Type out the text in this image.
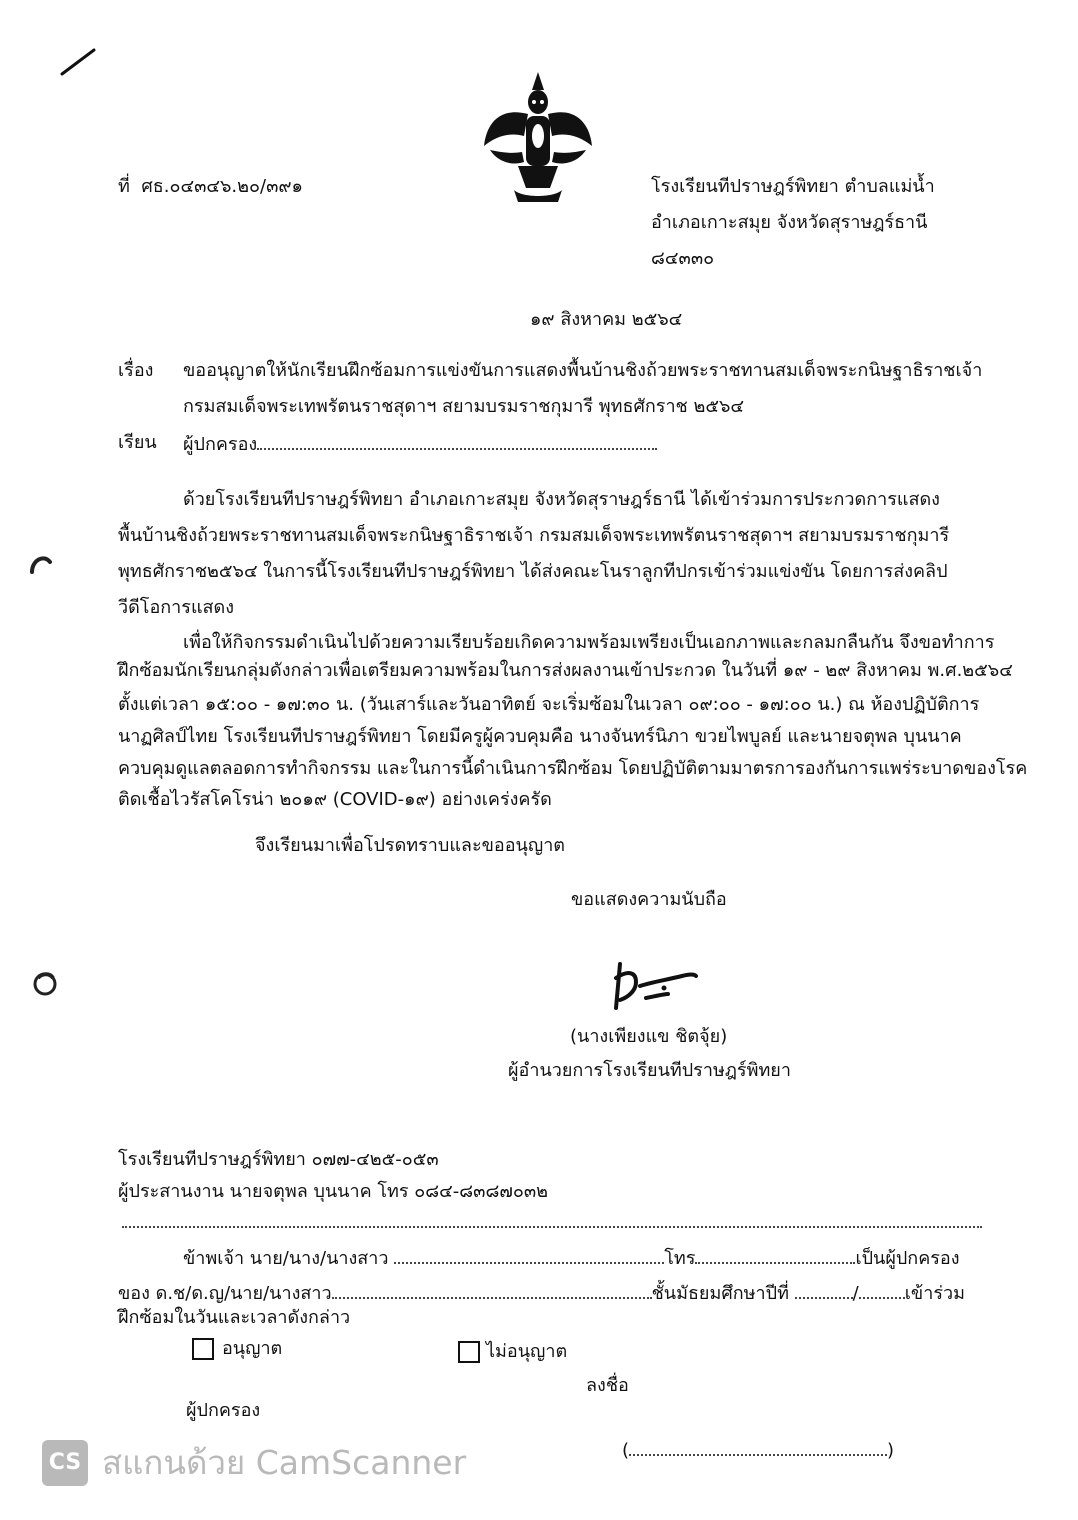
ที่ ศธ.๐๔๓๔๖.๒๐/๓๙๑	โรงเรียนทีปราษฎร์พิทยา ตำบลแม่น้ำ
อำเภอเกาะสมุย จังหวัดสุราษฎร์ธานี
๘๔๓๓๐
๑๙ สิงหาคม ๒๕๖๔
เรื่อง ขออนุญาตให้นักเรียนฝึกซ้อมการแข่งขันการแสดงพื้นบ้านชิงถ้วยพระราชทานสมเด็จพระกนิษฐาธิราชเจ้า
กรมสมเด็จพระเทพรัตนราชสุดาฯ สยามบรมราชกุมารี พุทธศักราช ๒๕๖๔
เรียน ผู้ปกครอง
ด้วยโรงเรียนทีปราษฎร์พิทยา อำเภอเกาะสมุย จังหวัดสุราษฎร์ธานี ได้เข้าร่วมการประกวดการแสดง
พื้นบ้านชิงถ้วยพระราชทานสมเด็จพระกนิษฐาธิราชเจ้า กรมสมเด็จพระเทพรัตนราชสุดาฯ สยามบรมราชกุมารี
พุทธศักราช๒๕๖๔ ในการนี้โรงเรียนทีปราษฎร์พิทยา ได้ส่งคณะโนราลูกทีปกรเข้าร่วมแข่งขัน โดยการส่งคลิป
วีดีโอการแสดง
เพื่อให้กิจกรรมดำเนินไปด้วยความเรียบร้อยเกิดความพร้อมเพรียงเป็นเอกภาพและกลมกลืนกัน จึงขอทำการ
ฝึกซ้อมนักเรียนกลุ่มดังกล่าวเพื่อเตรียมความพร้อมในการส่งผลงานเข้าประกวด ในวันที่ ๑๙ - ๒๙ สิงหาคม พ.ศ.๒๕๖๔
ตั้งแต่เวลา ๑๕:๐๐ - ๑๗:๓๐ น. (วันเสาร์และวันอาทิตย์ จะเริ่มซ้อมในเวลา ๐๙:๐๐ - ๑๗:๐๐ น.) ณ ห้องปฏิบัติการ
นาฏศิลป์ไทย โรงเรียนทีปราษฎร์พิทยา โดยมีครูผู้ควบคุมคือ นางจันทร์นิภา ขวยไพบูลย์ และนายจตุพล บุนนาค
ควบคุมดูแลตลอดการทำกิจกรรม และในการนี้ดำเนินการฝึกซ้อม โดยปฏิบัติตามมาตรการองกันการแพร่ระบาดของโรค
ติดเชื้อไวรัสโคโรน่า ๒๐๑๙ (COVID-๑๙) อย่างเคร่งครัด
จึงเรียนมาเพื่อโปรดทราบและขออนุญาต
ขอแสดงความนับถือ
(นางเพียงแข ชิตจุ้ย)
ผู้อำนวยการโรงเรียนทีปราษฎร์พิทยา
โรงเรียนทีปราษฎร์พิทยา ๐๗๗-๔๒๕-๐๕๓
ผู้ประสานงาน นายจตุพล บุนนาค โทร ๐๘๔-๘๓๘๗๐๓๒
ข้าพเจ้า นาย/นาง/นางสาว	โทร	เป็นผู้ปกครอง
ของ ด.ช/ด.ญ/นาย/นางสาว	ชั้นมัธยมศึกษาปีที่	/	เข้าร่วม
ฝึกซ้อมในวันและเวลาดังกล่าว
อนุญาต	ไม่อนุญาต
ลงชื่อ
ผู้ปกครอง
(	)
CS สแกนด้วย CamScanner
